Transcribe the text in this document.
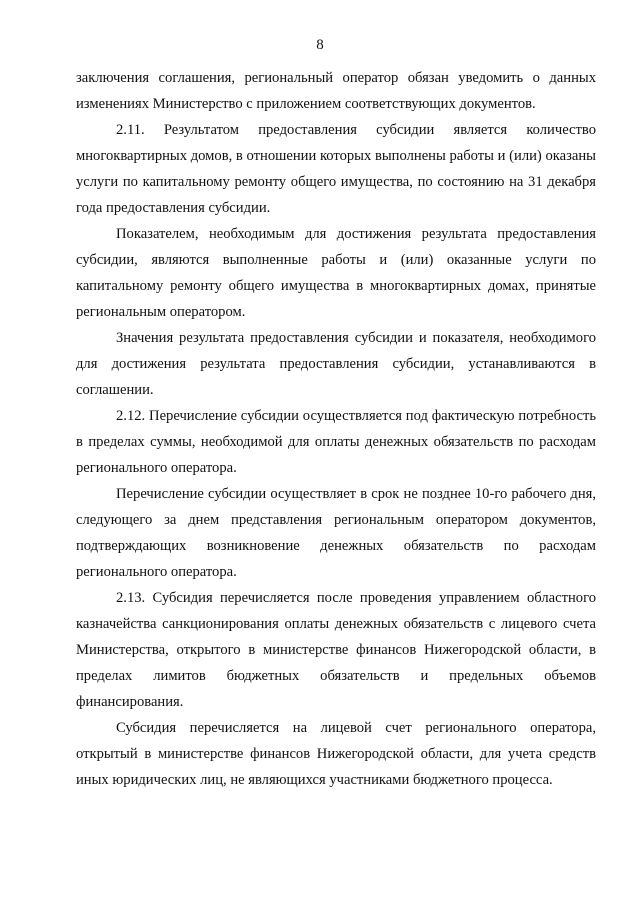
8

заключения соглашения, региональный оператор обязан уведомить о данных изменениях Министерство с приложением соответствующих документов.

2.11. Результатом предоставления субсидии является количество многоквартирных домов, в отношении которых выполнены работы и (или) оказаны услуги по капитальному ремонту общего имущества, по состоянию на 31 декабря года предоставления субсидии.

Показателем, необходимым для достижения результата предоставления субсидии, являются выполненные работы и (или) оказанные услуги по капитальному ремонту общего имущества в многоквартирных домах, принятые региональным оператором.

Значения результата предоставления субсидии и показателя, необходимого для достижения результата предоставления субсидии, устанавливаются в соглашении.

2.12. Перечисление субсидии осуществляется под фактическую потребность в пределах суммы, необходимой для оплаты денежных обязательств по расходам регионального оператора.

Перечисление субсидии осуществляет в срок не позднее 10-го рабочего дня, следующего за днем представления региональным оператором документов, подтверждающих возникновение денежных обязательств по расходам регионального оператора.

2.13. Субсидия перечисляется после проведения управлением областного казначейства санкционирования оплаты денежных обязательств с лицевого счета Министерства, открытого в министерстве финансов Нижегородской области, в пределах лимитов бюджетных обязательств и предельных объемов финансирования.

Субсидия перечисляется на лицевой счет регионального оператора, открытый в министерстве финансов Нижегородской области, для учета средств иных юридических лиц, не являющихся участниками бюджетного процесса.
